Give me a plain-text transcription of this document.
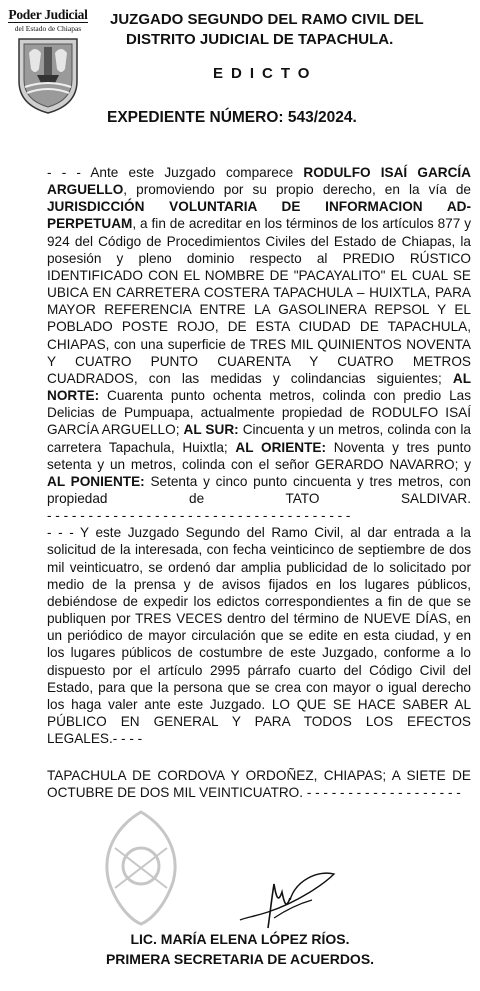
Poder Judicial
del Estado de Chiapas
JUZGADO SEGUNDO DEL RAMO CIVIL DEL
DISTRITO JUDICIAL DE TAPACHULA.
EDICTO
EXPEDIENTE NÚMERO: 543/2024.

- - - Ante este Juzgado comparece RODULFO ISAÍ GARCÍA ARGUELLO, promoviendo por su propio derecho, en la vía de JURISDICCIÓN VOLUNTARIA DE INFORMACION AD-PERPETUAM, a fin de acreditar en los términos de los artículos 877 y 924 del Código de Procedimientos Civiles del Estado de Chiapas, la posesión y pleno dominio respecto al PREDIO RÚSTICO IDENTIFICADO CON EL NOMBRE DE "PACAYALITO" EL CUAL SE UBICA EN CARRETERA COSTERA TAPACHULA – HUIXTLA, PARA MAYOR REFERENCIA ENTRE LA GASOLINERA REPSOL Y EL POBLADO POSTE ROJO, DE ESTA CIUDAD DE TAPACHULA, CHIAPAS, con una superficie de TRES MIL QUINIENTOS NOVENTA Y CUATRO PUNTO CUARENTA Y CUATRO METROS CUADRADOS, con las medidas y colindancias siguientes; AL NORTE: Cuarenta punto ochenta metros, colinda con predio Las Delicias de Pumpuapa, actualmente propiedad de RODULFO ISAÍ GARCÍA ARGUELLO; AL SUR: Cincuenta y un metros, colinda con la carretera Tapachula, Huixtla; AL ORIENTE: Noventa y tres punto setenta y un metros, colinda con el señor GERARDO NAVARRO; y AL PONIENTE: Setenta y cinco punto cincuenta y tres metros, con propiedad de TATO SALDIVAR. - - - - - - - - - - - - - - - - - - - - - - - - - - - - - - - - - - - - -

- - - Y este Juzgado Segundo del Ramo Civil, al dar entrada a la solicitud de la interesada, con fecha veinticinco de septiembre de dos mil veinticuatro, se ordenó dar amplia publicidad de lo solicitado por medio de la prensa y de avisos fijados en los lugares públicos, debiéndose de expedir los edictos correspondientes a fin de que se publiquen por TRES VECES dentro del término de NUEVE DÍAS, en un periódico de mayor circulación que se edite en esta ciudad, y en los lugares públicos de costumbre de este Juzgado, conforme a lo dispuesto por el artículo 2995 párrafo cuarto del Código Civil del Estado, para que la persona que se crea con mayor o igual derecho los haga valer ante este Juzgado. LO QUE SE HACE SABER AL PÚBLICO EN GENERAL Y PARA TODOS LOS EFECTOS LEGALES.- - - -

TAPACHULA DE CORDOVA Y ORDOÑEZ, CHIAPAS; A SIETE DE OCTUBRE DE DOS MIL VEINTICUATRO. - - - - - - - - - - - - - - - - - - -

LIC. MARÍA ELENA LÓPEZ RÍOS.
PRIMERA SECRETARIA DE ACUERDOS.
